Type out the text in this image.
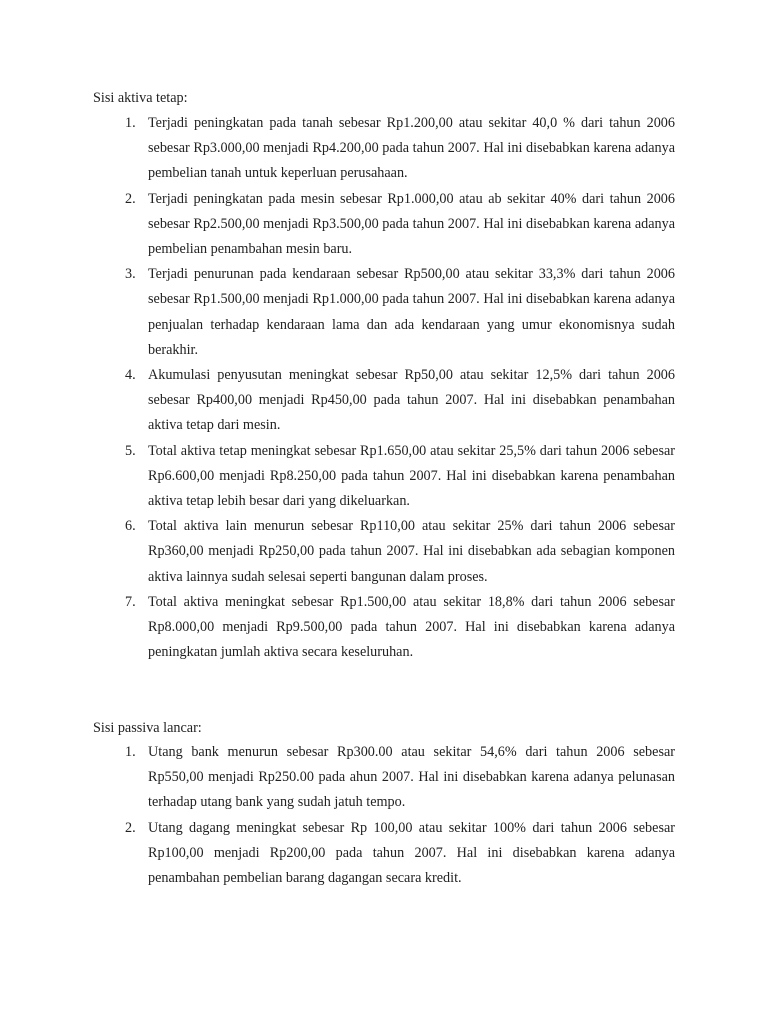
Sisi aktiva tetap:

1. Terjadi peningkatan pada tanah sebesar Rp1.200,00 atau sekitar 40,0 % dari tahun 2006 sebesar Rp3.000,00 menjadi Rp4.200,00 pada tahun 2007. Hal ini disebabkan karena adanya pembelian tanah untuk keperluan perusahaan.
2. Terjadi peningkatan pada mesin sebesar Rp1.000,00 atau ab sekitar 40% dari tahun 2006 sebesar Rp2.500,00 menjadi Rp3.500,00 pada tahun 2007. Hal ini disebabkan karena adanya pembelian penambahan mesin baru.
3. Terjadi penurunan pada kendaraan sebesar Rp500,00 atau sekitar 33,3% dari tahun 2006 sebesar Rp1.500,00 menjadi Rp1.000,00 pada tahun 2007. Hal ini disebabkan karena adanya penjualan terhadap kendaraan lama dan ada kendaraan yang umur ekonomisnya sudah berakhir.
4. Akumulasi penyusutan meningkat sebesar Rp50,00 atau sekitar 12,5% dari tahun 2006 sebesar Rp400,00 menjadi Rp450,00 pada tahun 2007. Hal ini disebabkan penambahan aktiva tetap dari mesin.
5. Total aktiva tetap meningkat sebesar Rp1.650,00 atau sekitar 25,5% dari tahun 2006 sebesar Rp6.600,00 menjadi Rp8.250,00 pada tahun 2007. Hal ini disebabkan karena penambahan aktiva tetap lebih besar dari yang dikeluarkan.
6. Total aktiva lain menurun sebesar Rp110,00 atau sekitar 25% dari tahun 2006 sebesar Rp360,00 menjadi Rp250,00 pada tahun 2007. Hal ini disebabkan ada sebagian komponen aktiva lainnya sudah selesai seperti bangunan dalam proses.
7. Total aktiva meningkat sebesar Rp1.500,00 atau sekitar 18,8% dari tahun 2006 sebesar Rp8.000,00 menjadi Rp9.500,00 pada tahun 2007. Hal ini disebabkan karena adanya peningkatan jumlah aktiva secara keseluruhan.

Sisi passiva lancar:

1. Utang bank menurun sebesar Rp300.00 atau sekitar 54,6% dari tahun 2006 sebesar Rp550,00 menjadi Rp250.00 pada ahun 2007. Hal ini disebabkan karena adanya pelunasan terhadap utang bank yang sudah jatuh tempo.
2. Utang dagang meningkat sebesar Rp 100,00 atau sekitar 100% dari tahun 2006 sebesar Rp100,00 menjadi Rp200,00 pada tahun 2007. Hal ini disebabkan karena adanya penambahan pembelian barang dagangan secara kredit.
